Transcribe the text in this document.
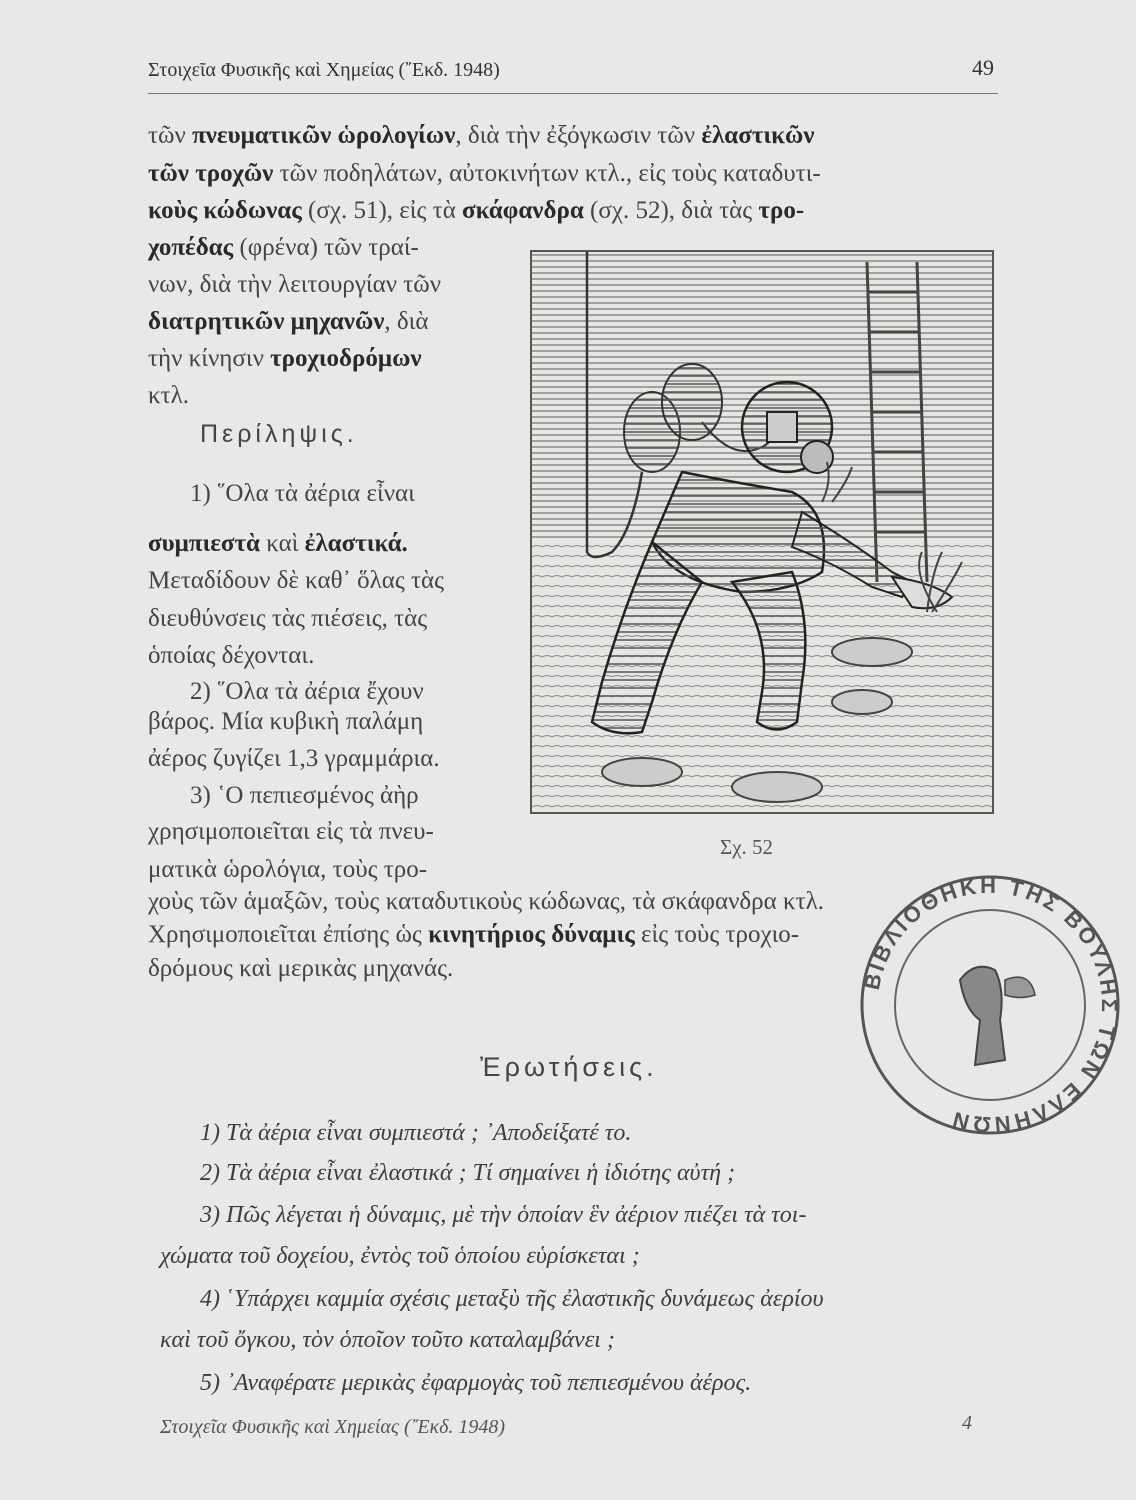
Στοιχεῖα Φυσικῆς καὶ Χημείας (῎Εκδ. 1948)	49
τῶν πνευματικῶν ὡρολογίων, διὰ τὴν ἐξόγκωσιν τῶν ἐλαστικῶν
τῶν τροχῶν τῶν ποδηλάτων, αὐτοκινήτων κτλ., εἰς τοὺς καταδυτι-
κοὺς κώδωνας (σχ. 51), εἰς τὰ σκάφανδρα (σχ. 52), διὰ τὰς τρο-
χοπέδας (φρένα) τῶν τραί-
νων, διὰ τὴν λειτουργίαν τῶν
διατρητικῶν μηχανῶν, διὰ
τὴν κίνησιν τροχιοδρόμων
κτλ.
Περίληψις.
1) ῞Ολα τὰ ἀέρια εἶναι
συμπιεστὰ καὶ ἐλαστικά.
Μεταδίδουν δὲ καθ᾽ ὅλας τὰς
διευθύνσεις τὰς πιέσεις, τὰς
ὁποίας δέχονται.
2) ῞Ολα τὰ ἀέρια ἔχουν
βάρος. Μία κυβικὴ παλάμη
ἀέρος ζυγίζει 1,3 γραμμάρια.
3) ῾Ο πεπιεσμένος ἀὴρ
χρησιμοποιεῖται εἰς τὰ πνευ-
ματικὰ ὡρολόγια, τοὺς τρο-
χοὺς τῶν ἁμαξῶν, τοὺς καταδυτικοὺς κώδωνας, τὰ σκάφανδρα κτλ.
Χρησιμοποιεῖται ἐπίσης ὡς κινητήριος δύναμις εἰς τοὺς τροχιο-
δρόμους καὶ μερικὰς μηχανάς.
Σχ. 52
Ἐρωτήσεις.
1) Τὰ ἀέρια εἶναι συμπιεστά ; ᾽Αποδείξατέ το.
2) Τὰ ἀέρια εἶναι ἐλαστικά ; Τί σημαίνει ἡ ἰδιότης αὐτή ;
3) Πῶς λέγεται ἡ δύναμις, μὲ τὴν ὁποίαν ἓν ἀέριον πιέζει τὰ τοι-
χώματα τοῦ δοχείου, ἐντὸς τοῦ ὁποίου εὑρίσκεται ;
4) ῾Υπάρχει καμμία σχέσις μεταξὺ τῆς ἐλαστικῆς δυνάμεως ἀερίου
καὶ τοῦ ὄγκου, τὸν ὁποῖον τοῦτο καταλαμβάνει ;
5) ᾽Αναφέρατε μερικὰς ἐφαρμογὰς τοῦ πεπιεσμένου ἀέρος.
ΒΙΒΛΙΟΘΗΚΗ ΤΗΣ ΒΟΥΛΗΣ ΤΩΝ ΕΛΛΗΝΩΝ
Στοιχεῖα Φυσικῆς καὶ Χημείας (῎Εκδ. 1948)	4
